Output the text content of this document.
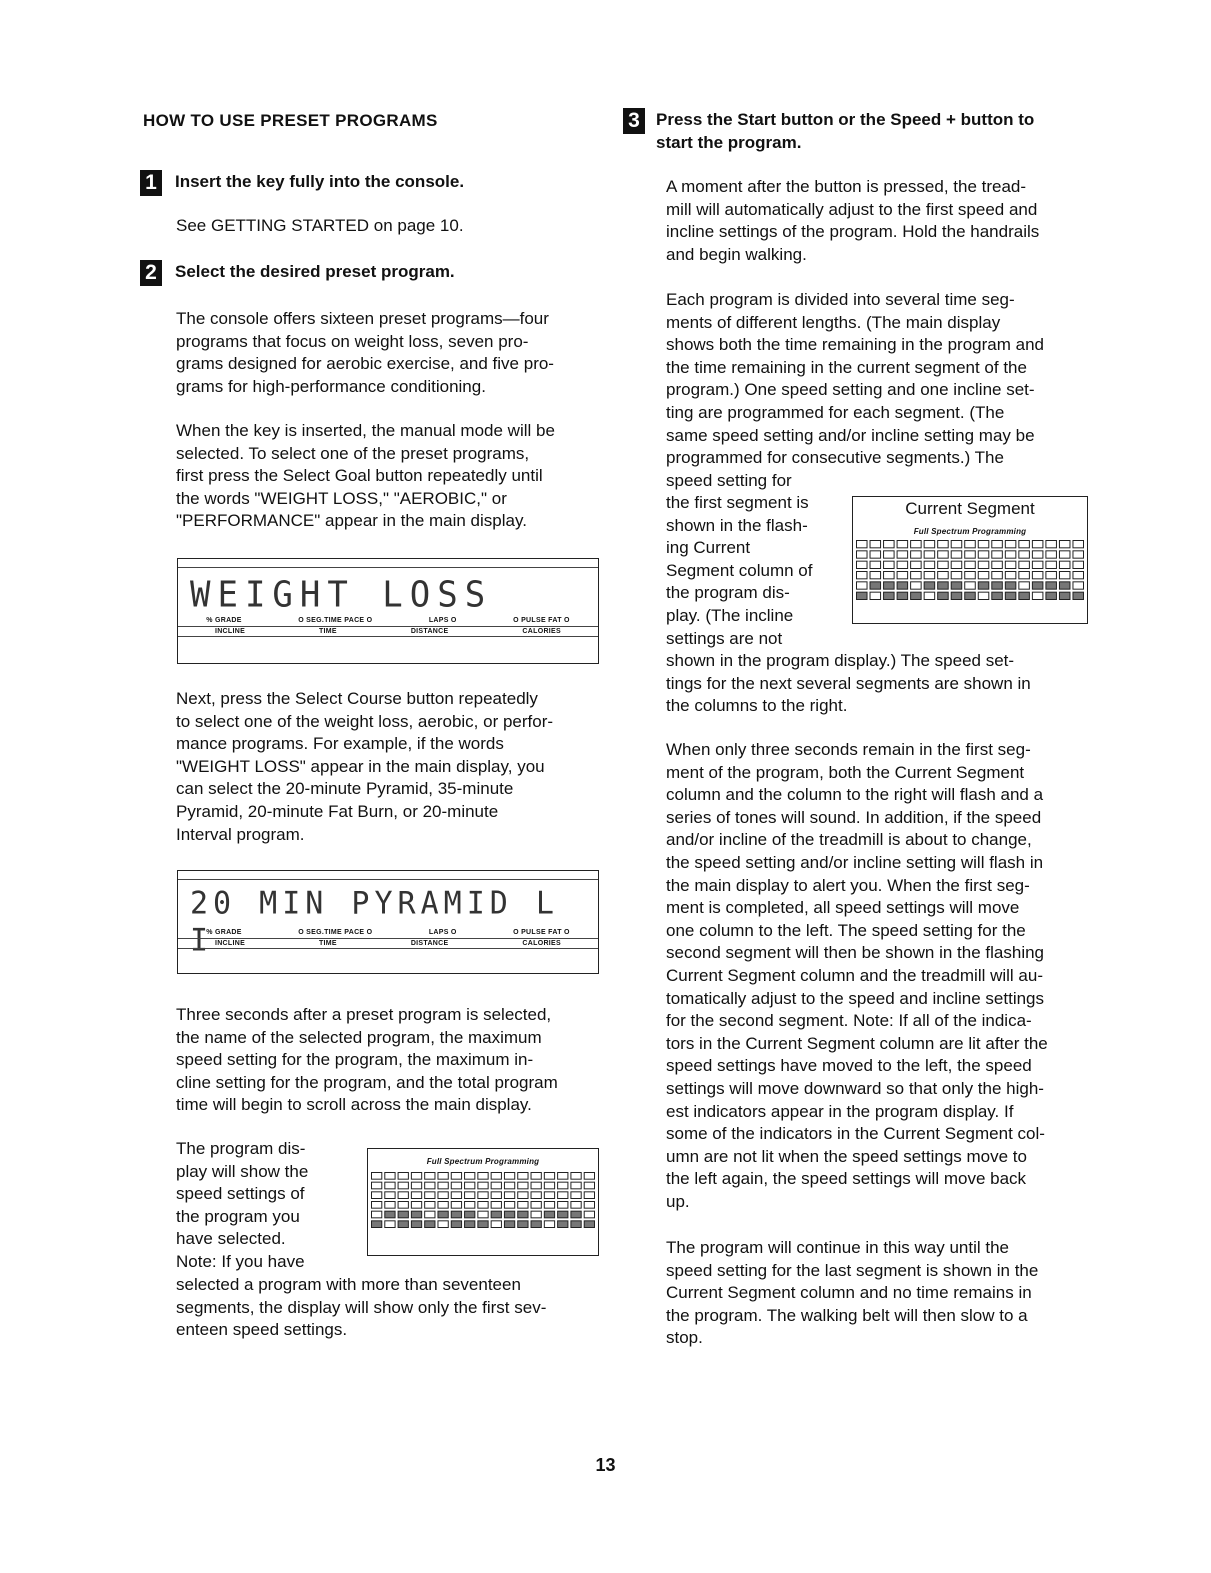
HOW TO USE PRESET PROGRAMS
1	Insert the key fully into the console.

See GETTING STARTED on page 10.

2	Select the desired preset program.

The console offers sixteen preset programs—four

programs that focus on weight loss, seven pro-

grams designed for aerobic exercise, and five pro-

grams for high-performance conditioning.

When the key is inserted, the manual mode will be

selected. To select one of the preset programs,

first press the Select Goal button repeatedly until

the words "WEIGHT LOSS," "AEROBIC," or

"PERFORMANCE" appear in the main display.

WEIGHT LOSS
% GRADE	O SEG.TIME PACE O	LAPS O	O PULSE FAT O
INCLINE	TIME	DISTANCE	CALORIES

Next, press the Select Course button repeatedly

to select one of the weight loss, aerobic, or perfor-

mance programs. For example, if the words

"WEIGHT LOSS" appear in the main display, you

can select the 20-minute Pyramid, 35-minute

Pyramid, 20-minute Fat Burn, or 20-minute

Interval program.

20 MIN PYRAMID L I
% GRADE	O SEG.TIME PACE O	LAPS O	O PULSE FAT O
INCLINE	TIME	DISTANCE	CALORIES

Three seconds after a preset program is selected,

the name of the selected program, the maximum

speed setting for the program, the maximum in-

cline setting for the program, and the total program

time will begin to scroll across the main display.

The program dis-

play will show the

speed settings of

the program you

have selected.

Note: If you have

selected a program with more than seventeen

segments, the display will show only the first sev-

enteen speed settings.

Full Spectrum Programming
3 Press the Start button or the Speed + button to
start the program.

A moment after the button is pressed, the tread-

mill will automatically adjust to the first speed and

incline settings of the program. Hold the handrails

and begin walking.

Each program is divided into several time seg-

ments of different lengths. (The main display

shows both the time remaining in the program and

the time remaining in the current segment of the

program.) One speed setting and one incline set-

ting are programmed for each segment. (The

same speed setting and/or incline setting may be

programmed for consecutive segments.) The

speed setting for

the first segment is

shown in the flash-

ing Current

Segment column of

the program dis-

play. (The incline

settings are not

shown in the program display.) The speed set-

tings for the next several segments are shown in

the columns to the right.

Current Segment
Full Spectrum Programming

When only three seconds remain in the first seg-

ment of the program, both the Current Segment

column and the column to the right will flash and a

series of tones will sound. In addition, if the speed

and/or incline of the treadmill is about to change,

the speed setting and/or incline setting will flash in

the main display to alert you. When the first seg-

ment is completed, all speed settings will move

one column to the left. The speed setting for the

second segment will then be shown in the flashing

Current Segment column and the treadmill will au-

tomatically adjust to the speed and incline settings

for the second segment. Note: If all of the indica-

tors in the Current Segment column are lit after the

speed settings have moved to the left, the speed

settings will move downward so that only the high-

est indicators appear in the program display. If

some of the indicators in the Current Segment col-

umn are not lit when the speed settings move to

the left again, the speed settings will move back

up.

The program will continue in this way until the

speed setting for the last segment is shown in the

Current Segment column and no time remains in

the program. The walking belt will then slow to a

stop.

13
